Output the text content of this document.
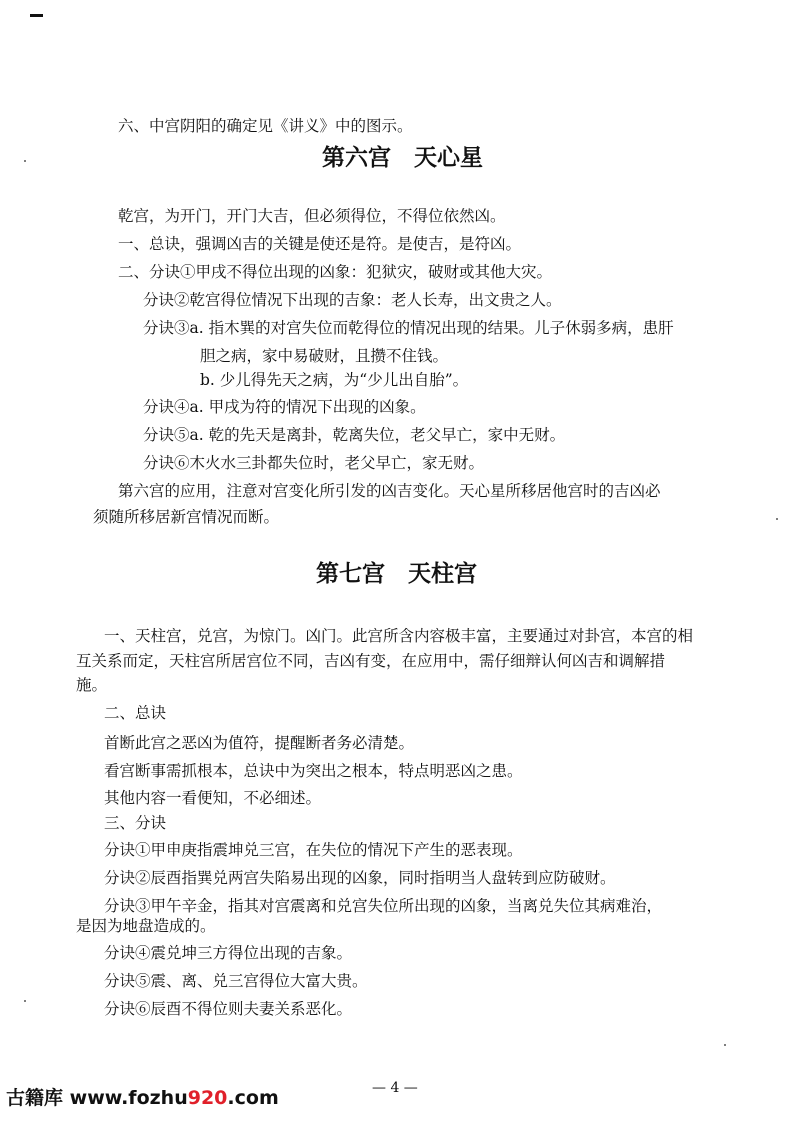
六、中宫阴阳的确定见《讲义》中的图示。
第六宫　天心星
乾宫，为开门，开门大吉，但必须得位，不得位依然凶。
一、总诀，强调凶吉的关键是使还是符。是使吉，是符凶。
二、分诀①甲戌不得位出现的凶象：犯狱灾，破财或其他大灾。
分诀②乾宫得位情况下出现的吉象：老人长寿，出文贵之人。
分诀③a. 指木巽的对宫失位而乾得位的情况出现的结果。儿子休弱多病，患肝
胆之病，家中易破财，且攒不住钱。
b. 少儿得先天之病，为“少儿出自胎”。
分诀④a. 甲戌为符的情况下出现的凶象。
分诀⑤a. 乾的先天是离卦，乾离失位，老父早亡，家中无财。
分诀⑥木火水三卦都失位时，老父早亡，家无财。
第六宫的应用，注意对宫变化所引发的凶吉变化。天心星所移居他宫时的吉凶必
须随所移居新宫情况而断。
第七宫　天柱宫
一、天柱宫，兑宫，为惊门。凶门。此宫所含内容极丰富，主要通过对卦宫，本宫的相
互关系而定，天柱宫所居宫位不同，吉凶有变，在应用中，需仔细辩认何凶吉和调解措
施。
二、总诀
首断此宫之恶凶为值符，提醒断者务必清楚。
看宫断事需抓根本，总诀中为突出之根本，特点明恶凶之患。
其他内容一看便知，不必细述。
三、分诀
分诀①甲申庚指震坤兑三宫，在失位的情况下产生的恶表现。
分诀②辰酉指巽兑两宫失陷易出现的凶象，同时指明当人盘转到应防破财。
分诀③甲午辛金，指其对宫震离和兑宫失位所出现的凶象，当离兑失位其病难治，
是因为地盘造成的。
分诀④震兑坤三方得位出现的吉象。
分诀⑤震、离、兑三宫得位大富大贵。
分诀⑥辰酉不得位则夫妻关系恶化。
— 4 —
古籍库 www.fozhu920.com
